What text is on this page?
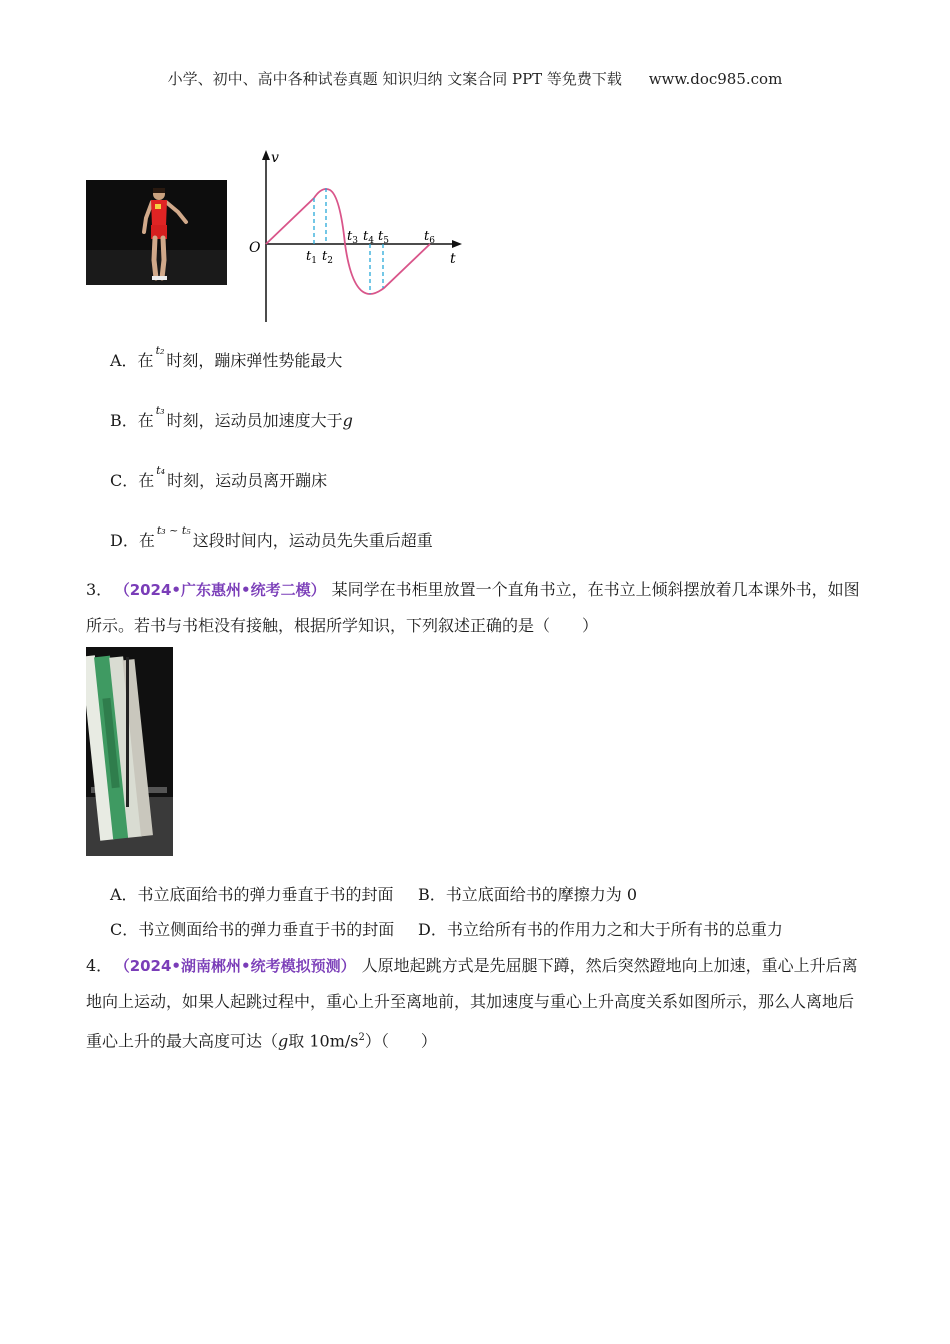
小学、初中、高中各种试卷真题 知识归纳 文案合同 PPT 等免费下载 www.doc985.com
v
t
O
$t_1$ $t_2$
$t_3$ $t_4$ $t_5$	$t_6$
A．在$^{t_2}$时刻，蹦床弹性势能最大
B．在$^{t_3}$时刻，运动员加速度大于g
C．在$^{t_4}$时刻，运动员离开蹦床
D．在$^{t_3 \sim t_5}$这段时间内，运动员先失重后超重
3． （2024•广东惠州•统考二模） 某同学在书柜里放置一个直角书立，在书立上倾斜摆放着几本课外书，如图所示。若书与书柜没有接触，根据所学知识，下列叙述正确的是（　　）
A．书立底面给书的弹力垂直于书的封面 B．书立底面给书的摩擦力为 0
C．书立侧面给书的弹力垂直于书的封面 D．书立给所有书的作用力之和大于所有书的总重力
4． （2024•湖南郴州•统考模拟预测） 人原地起跳方式是先屈腿下蹲，然后突然蹬地向上加速，重心上升后离地向上运动，如果人起跳过程中，重心上升至离地前，其加速度与重心上升高度关系如图所示，那么人离地后重心上升的最大高度可达（g取 $10m/s^2$）（　　）
